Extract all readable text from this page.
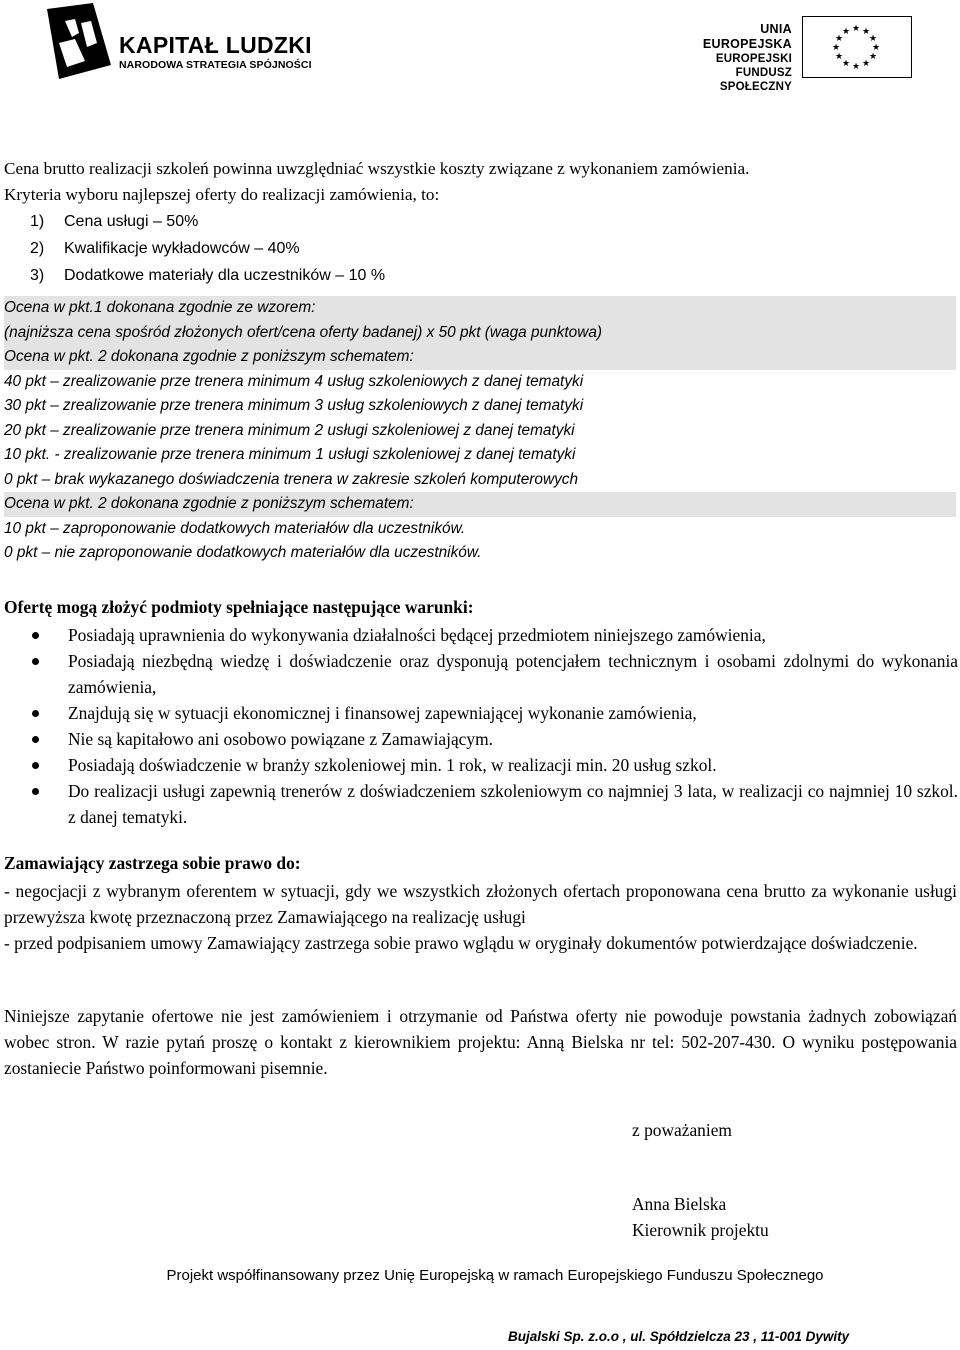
KAPITAŁ LUDZKI
NARODOWA STRATEGIA SPÓJNOŚCI
UNIA EUROPEJSKA
EUROPEJSKI
FUNDUSZ SPOŁECZNY
★ ★
★
★
★
★
★
★
★
★
★
★
Cena brutto realizacji szkoleń powinna uwzględniać wszystkie koszty związane z wykonaniem zamówienia.
Kryteria wyboru najlepszej oferty do realizacji zamówienia, to:
1) Cena usługi – 50%
2) Kwalifikacje wykładowców – 40%
3) Dodatkowe materiały dla uczestników – 10 %
Ocena w pkt.1 dokonana zgodnie ze wzorem:
(najniższa cena spośród złożonych ofert/cena oferty badanej) x 50 pkt (waga punktowa)
Ocena w pkt. 2 dokonana zgodnie z poniższym schematem:
40 pkt – zrealizowanie prze trenera minimum 4 usług szkoleniowych z danej tematyki
30 pkt – zrealizowanie prze trenera minimum 3 usług szkoleniowych z danej tematyki
20 pkt – zrealizowanie prze trenera minimum 2 usługi szkoleniowej z danej tematyki
10 pkt. - zrealizowanie prze trenera minimum 1 usługi szkoleniowej z danej tematyki
0 pkt – brak wykazanego doświadczenia trenera w zakresie szkoleń komputerowych
Ocena w pkt. 2 dokonana zgodnie z poniższym schematem:
10 pkt – zaproponowanie dodatkowych materiałów dla uczestników.
0 pkt – nie zaproponowanie dodatkowych materiałów dla uczestników.
Ofertę mogą złożyć podmioty spełniające następujące warunki:
Posiadają uprawnienia do wykonywania działalności będącej przedmiotem niniejszego zamówienia,
Posiadają niezbędną wiedzę i doświadczenie oraz dysponują potencjałem technicznym i osobami zdolnymi do wykonania zamówienia,
Znajdują się w sytuacji ekonomicznej i finansowej zapewniającej wykonanie zamówienia,
Nie są kapitałowo ani osobowo powiązane z Zamawiającym.
Posiadają doświadczenie w branży szkoleniowej min. 1 rok, w realizacji min. 20 usług szkol.
Do realizacji usługi zapewnią trenerów z doświadczeniem szkoleniowym co najmniej 3 lata, w realizacji co najmniej 10 szkol. z danej tematyki.
Zamawiający zastrzega sobie prawo do:

- negocjacji z wybranym oferentem w sytuacji, gdy we wszystkich złożonych ofertach proponowana cena brutto za wykonanie usługi przewyższa kwotę przeznaczoną przez Zamawiającego na realizację usługi

- przed podpisaniem umowy Zamawiający zastrzega sobie prawo wglądu w oryginały dokumentów potwierdzające doświadczenie.

Niniejsze zapytanie ofertowe nie jest zamówieniem i otrzymanie od Państwa oferty nie powoduje powstania żadnych zobowiązań wobec stron. W razie pytań proszę o kontakt z kierownikiem projektu: Anną Bielska nr tel: 502-207-430. O wyniku postępowania zostaniecie Państwo poinformowani pisemnie.
z poważaniem
Anna Bielska
Kierownik projektu
Projekt współfinansowany przez Unię Europejską w ramach Europejskiego Funduszu Społecznego
Bujalski Sp. z.o.o , ul. Spółdzielcza 23 , 11-001 Dywity
